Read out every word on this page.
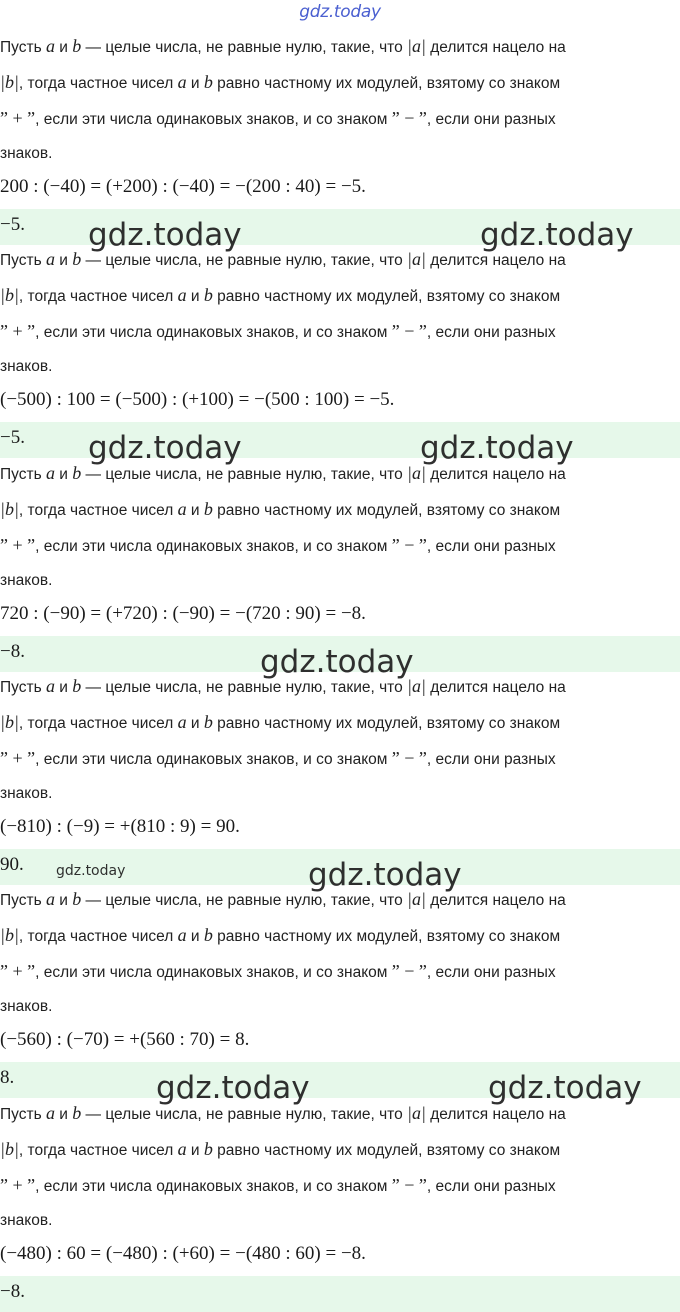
gdz.today
Пусть a и b — целые числа, не равные нулю, такие, что |a| делится нацело на
|b|, тогда частное чисел a и b равно частному их модулей, взятому со знаком
” + ”, если эти числа одинаковых знаков, и со знаком ” − ”, если они разных
знаков.
200 : (−40) = (+200) : (−40) = −(200 : 40) = −5.
−5. gdz.today	gdz.today
Пусть a и b — целые числа, не равные нулю, такие, что |a| делится нацело на
|b|, тогда частное чисел a и b равно частному их модулей, взятому со знаком
” + ”, если эти числа одинаковых знаков, и со знаком ” − ”, если они разных
знаков.
(−500) : 100 = (−500) : (+100) = −(500 : 100) = −5.
−5. gdz.today	gdz.today
Пусть a и b — целые числа, не равные нулю, такие, что |a| делится нацело на
|b|, тогда частное чисел a и b равно частному их модулей, взятому со знаком
” + ”, если эти числа одинаковых знаков, и со знаком ” − ”, если они разных
знаков.
720 : (−90) = (+720) : (−90) = −(720 : 90) = −8.
−8.	gdz.today
Пусть a и b — целые числа, не равные нулю, такие, что |a| делится нацело на
|b|, тогда частное чисел a и b равно частному их модулей, взятому со знаком
” + ”, если эти числа одинаковых знаков, и со знаком ” − ”, если они разных
знаков.
(−810) : (−9) = +(810 : 9) = 90.
90. gdz.today	gdz.today
Пусть a и b — целые числа, не равные нулю, такие, что |a| делится нацело на
|b|, тогда частное чисел a и b равно частному их модулей, взятому со знаком
” + ”, если эти числа одинаковых знаков, и со знаком ” − ”, если они разных
знаков.
(−560) : (−70) = +(560 : 70) = 8.
8.	gdz.today	gdz.today
Пусть a и b — целые числа, не равные нулю, такие, что |a| делится нацело на
|b|, тогда частное чисел a и b равно частному их модулей, взятому со знаком
” + ”, если эти числа одинаковых знаков, и со знаком ” − ”, если они разных
знаков.
(−480) : 60 = (−480) : (+60) = −(480 : 60) = −8.
−8.
